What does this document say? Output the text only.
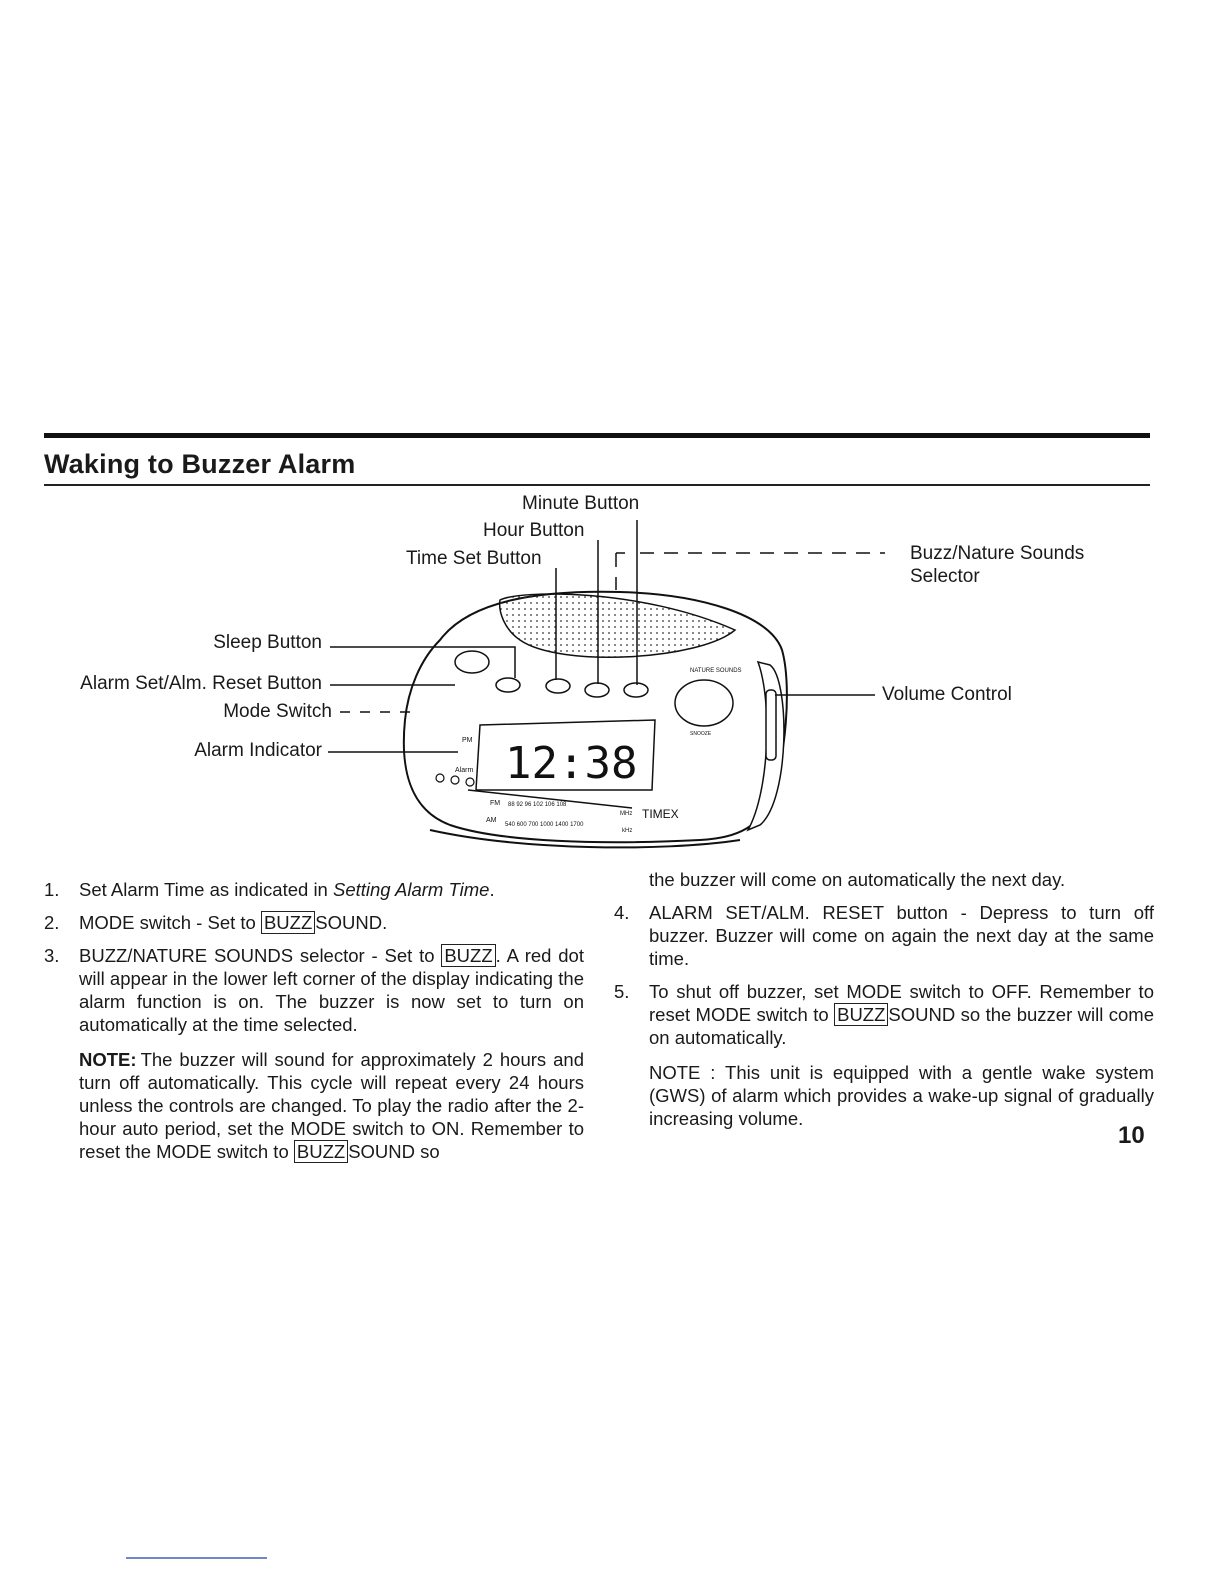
Waking to Buzzer Alarm
12:38
PM
Alarm
FM 88 92 96 102 106 108
AM
540 600 700 1000 1400 1700
MHz
kHz
TIMEX
NATURE SOUNDS
SNOOZE
Minute Button
Hour Button
Time Set Button	Buzz/Nature Sounds
Selector
Sleep Button
Alarm Set/Alm. Reset Button
Mode Switch
Volume Control
Alarm Indicator
1.	Set Alarm Time as indicated in Setting Alarm Time.
2.	MODE switch - Set to BUZZ SOUND.
3.	BUZZ/NATURE SOUNDS selector - Set to BUZZ . A red dot will appear in the lower left corner of the display indicating the alarm function is on. The buzzer is now set to turn on automatically at the time selected.
NOTE: The buzzer will sound for approximately 2 hours and turn off automatically. This cycle will repeat every 24 hours unless the controls are changed. To play the radio after the 2-hour auto period, set the MODE switch to ON. Remember to reset the MODE switch to BUZZ SOUND so
the buzzer will come on automatically the next day.
4.	ALARM SET/ALM. RESET button - Depress to turn off buzzer. Buzzer will come on again the next day at the same time.
5.	To shut off buzzer, set MODE switch to OFF. Remember to reset MODE switch to BUZZ SOUND so the buzzer will come on automatically.
NOTE : This unit is equipped with a gentle wake system (GWS) of alarm which provides a wake-up signal of gradually increasing volume.
10
